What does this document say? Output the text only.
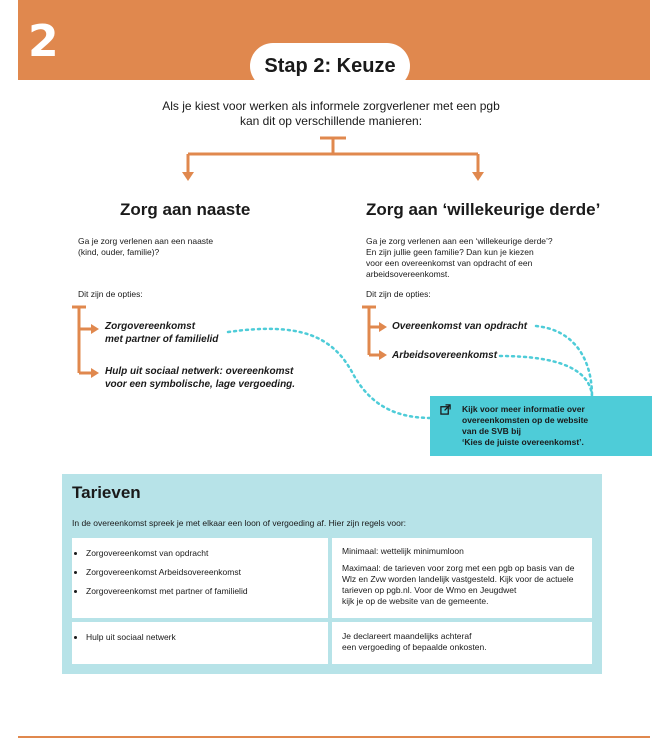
2	Stap 2: Keuze
Als je kiest voor werken als informele zorgverlener met een pgb
kan dit op verschillende manieren:
Zorg aan naaste
Ga je zorg verlenen aan een naaste
(kind, ouder, familie)?
Dit zijn de opties:
Zorgovereenkomst
met partner of familielid
Hulp uit sociaal netwerk: overeenkomst
voor een symbolische, lage vergoeding.
Zorg aan ‘willekeurige derde’
Ga je zorg verlenen aan een ‘willekeurige derde’?
En zijn jullie geen familie? Dan kun je kiezen
voor een overeenkomst van opdracht of een
arbeidsovereenkomst.
Dit zijn de opties:
Overeenkomst van opdracht
Arbeidsovereenkomst
Kijk voor meer informatie over
overeenkomsten op de website
van de SVB bij
‘Kies de juiste overeenkomst’.
Tarieven
In de overeenkomst spreek je met elkaar een loon of vergoeding af. Hier zijn regels voor:
• Zorgovereenkomst van opdracht
• Zorgovereenkomst Arbeidsovereenkomst
• Zorgovereenkomst met partner of familielid

Minimaal: wettelijk minimumloon

Maximaal: de tarieven voor zorg met een pgb op basis van de
Wlz en Zvw worden landelijk vastgesteld. Kijk voor de actuele
tarieven op pgb.nl. Voor de Wmo en Jeugdwet
kijk je op de website van de gemeente.

• Hulp uit sociaal netwerk	Je declareert maandelijks achteraf
een vergoeding of bepaalde onkosten.
